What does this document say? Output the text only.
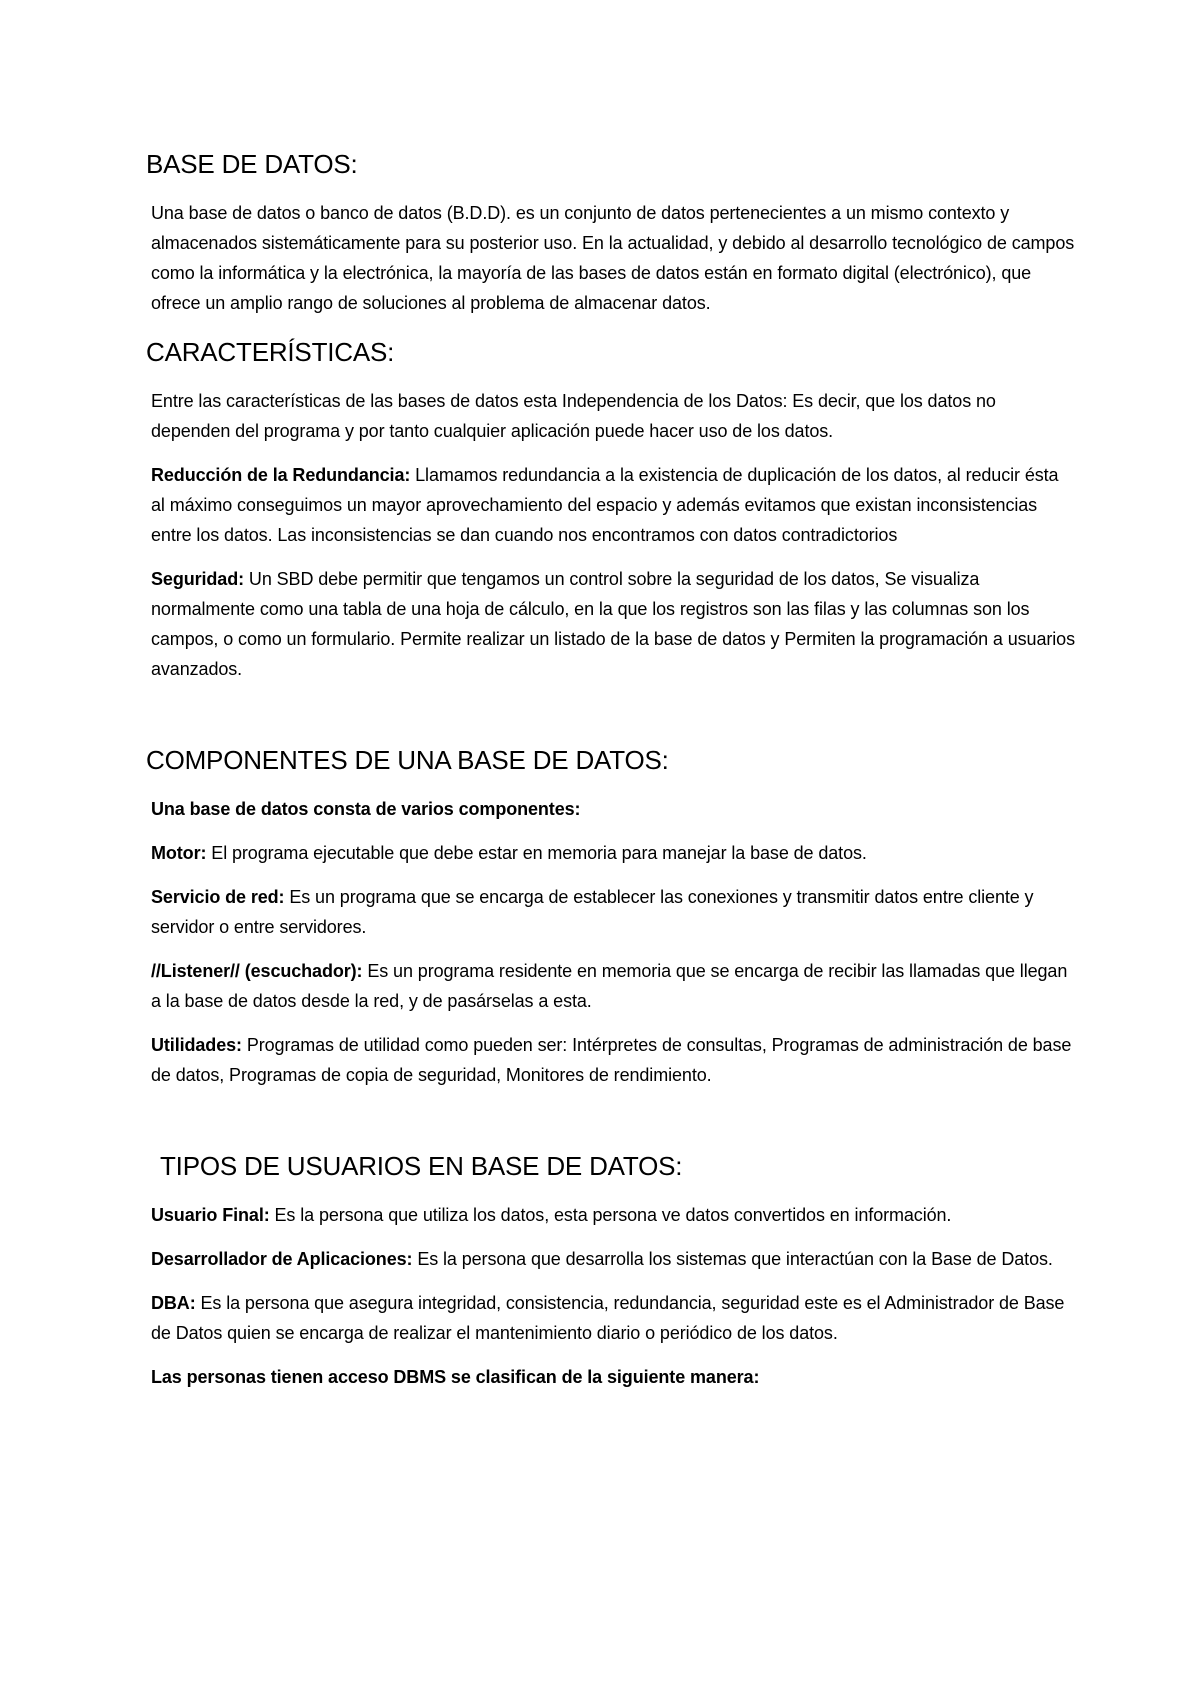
BASE DE DATOS:

Una base de datos o banco de datos (B.D.D). es un conjunto de datos pertenecientes a un mismo contexto y almacenados sistemáticamente para su posterior uso. En la actualidad, y debido al desarrollo tecnológico de campos como la informática y la electrónica, la mayoría de las bases de datos están en formato digital (electrónico), que ofrece un amplio rango de soluciones al problema de almacenar datos.

CARACTERÍSTICAS:

Entre las características de las bases de datos esta Independencia de los Datos: Es decir, que los datos no dependen del programa y por tanto cualquier aplicación puede hacer uso de los datos.

Reducción de la Redundancia: Llamamos redundancia a la existencia de duplicación de los datos, al reducir ésta al máximo conseguimos un mayor aprovechamiento del espacio y además evitamos que existan inconsistencias entre los datos. Las inconsistencias se dan cuando nos encontramos con datos contradictorios

Seguridad: Un SBD debe permitir que tengamos un control sobre la seguridad de los datos, Se visualiza normalmente como una tabla de una hoja de cálculo, en la que los registros son las filas y las columnas son los campos, o como un formulario. Permite realizar un listado de la base de datos y Permiten la programación a usuarios avanzados.

COMPONENTES DE UNA BASE DE DATOS:

Una base de datos consta de varios componentes:

Motor: El programa ejecutable que debe estar en memoria para manejar la base de datos.

Servicio de red: Es un programa que se encarga de establecer las conexiones y transmitir datos entre cliente y servidor o entre servidores.

//Listener// (escuchador): Es un programa residente en memoria que se encarga de recibir las llamadas que llegan a la base de datos desde la red, y de pasárselas a esta.

Utilidades: Programas de utilidad como pueden ser: Intérpretes de consultas, Programas de administración de base de datos, Programas de copia de seguridad, Monitores de rendimiento.

TIPOS DE USUARIOS EN BASE DE DATOS:

Usuario Final: Es la persona que utiliza los datos, esta persona ve datos convertidos en información.

Desarrollador de Aplicaciones: Es la persona que desarrolla los sistemas que interactúan con la Base de Datos.

DBA: Es la persona que asegura integridad, consistencia, redundancia, seguridad este es el Administrador de Base de Datos quien se encarga de realizar el mantenimiento diario o periódico de los datos.

Las personas tienen acceso DBMS se clasifican de la siguiente manera:
